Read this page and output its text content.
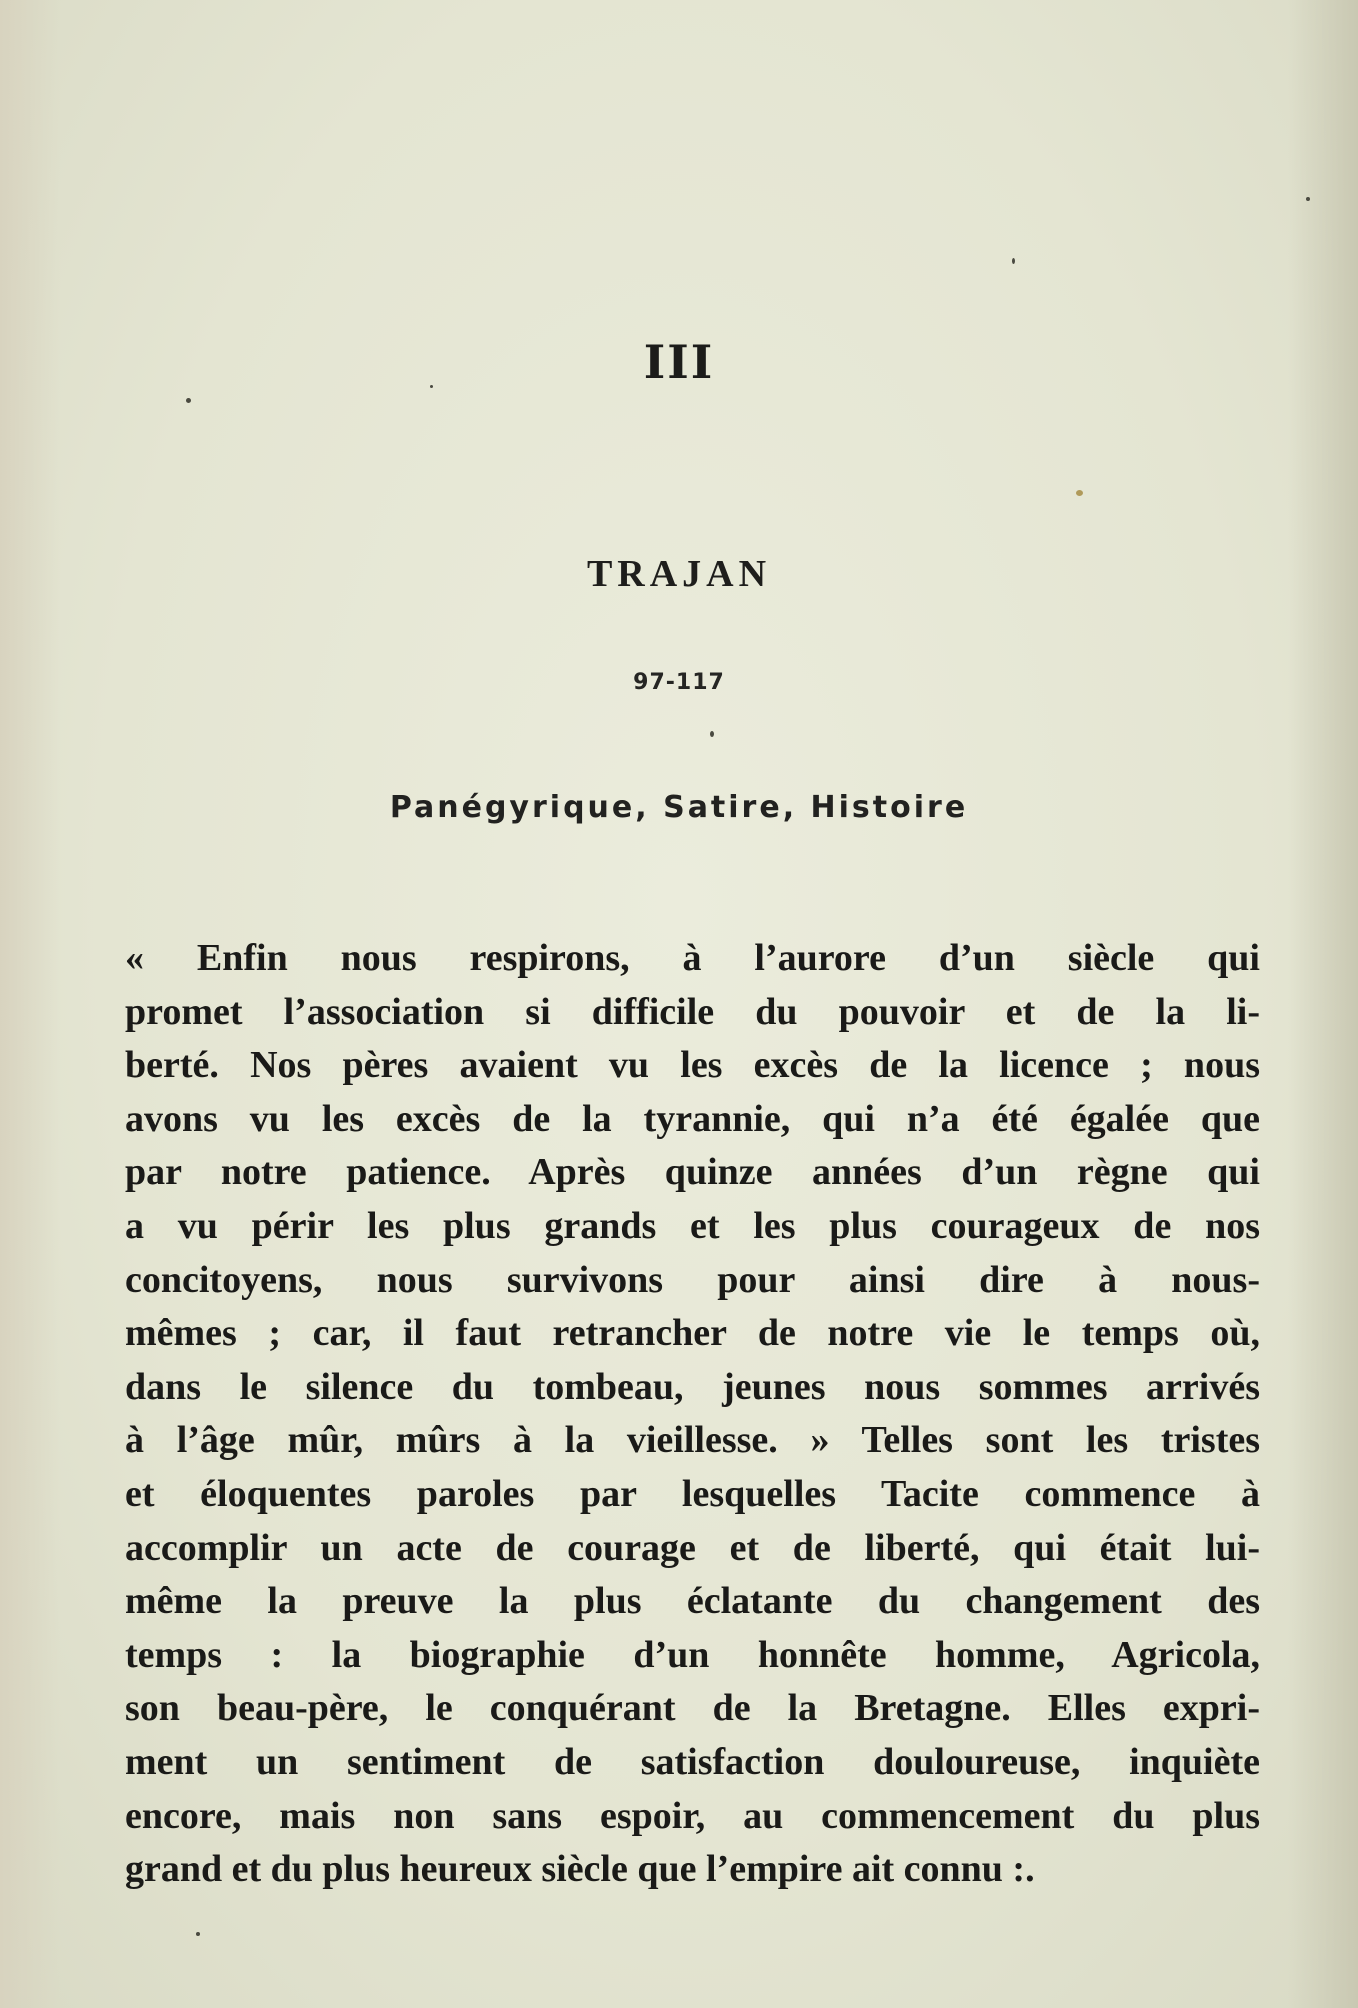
III
TRAJAN
97-117
Panégyrique, Satire, Histoire
« Enfin nous respirons, à l’aurore d’un siècle qui
promet l’association si difficile du pouvoir et de la li-
berté. Nos pères avaient vu les excès de la licence ; nous
avons vu les excès de la tyrannie, qui n’a été égalée que
par notre patience. Après quinze années d’un règne qui
a vu périr les plus grands et les plus courageux de nos
concitoyens, nous survivons pour ainsi dire à nous-
mêmes ; car, il faut retrancher de notre vie le temps où,
dans le silence du tombeau, jeunes nous sommes arrivés
à l’âge mûr, mûrs à la vieillesse. » Telles sont les tristes
et éloquentes paroles par lesquelles Tacite commence à
accomplir un acte de courage et de liberté, qui était lui-
même la preuve la plus éclatante du changement des
temps : la biographie d’un honnête homme, Agricola,
son beau-père, le conquérant de la Bretagne. Elles expri-
ment un sentiment de satisfaction douloureuse, inquiète
encore, mais non sans espoir, au commencement du plus
grand et du plus heureux siècle que l’empire ait connu :.
